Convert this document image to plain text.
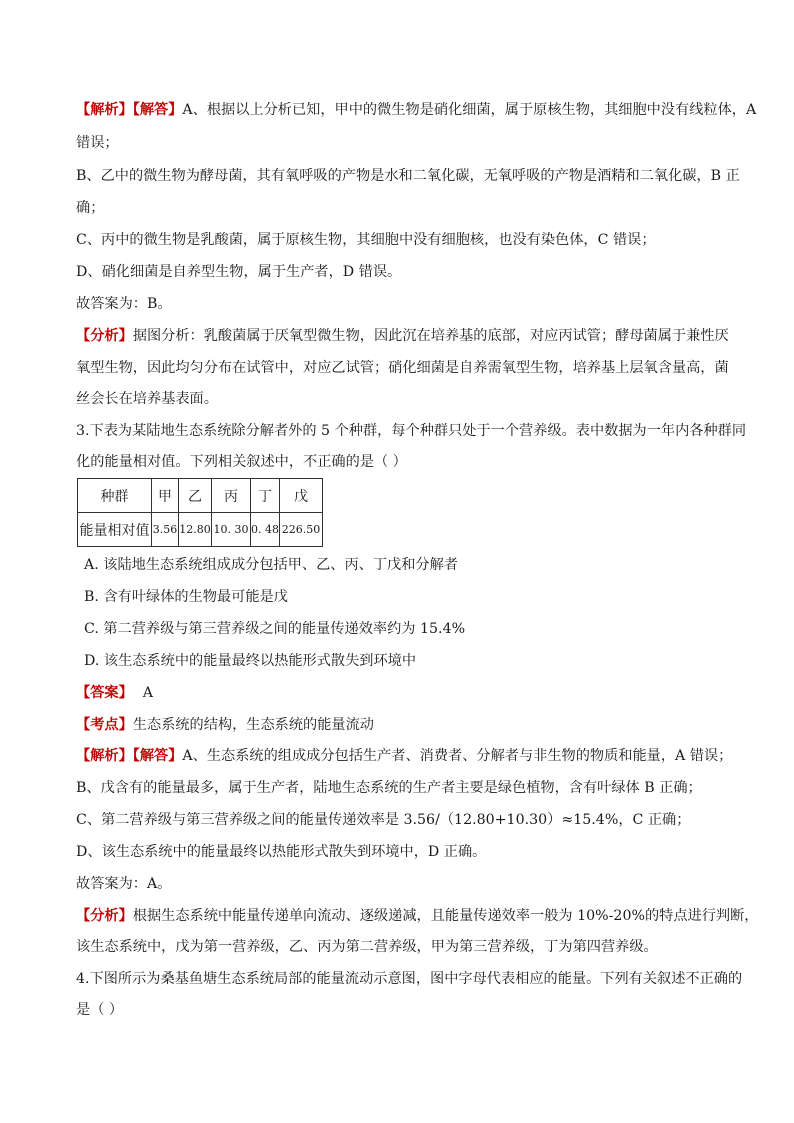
【解析】【解答】A、根据以上分析已知，甲中的微生物是硝化细菌，属于原核生物，其细胞中没有线粒体，A
错误；
B、乙中的微生物为酵母菌，其有氧呼吸的产物是水和二氧化碳，无氧呼吸的产物是酒精和二氧化碳，B 正
确；
C、丙中的微生物是乳酸菌，属于原核生物，其细胞中没有细胞核，也没有染色体，C 错误；
D、硝化细菌是自养型生物，属于生产者，D 错误。
故答案为：B。
【分析】据图分析：乳酸菌属于厌氧型微生物，因此沉在培养基的底部，对应丙试管；酵母菌属于兼性厌
氧型生物，因此均匀分布在试管中，对应乙试管；硝化细菌是自养需氧型生物，培养基上层氧含量高，菌
丝会长在培养基表面。
3.下表为某陆地生态系统除分解者外的 5 个种群，每个种群只处于一个营养级。表中数据为一年内各种群同
化的能量相对值。下列相关叙述中，不正确的是（ ）
种群	甲	乙	丙	丁	戊
能量相对值	3.56	12.80	10. 30	0. 48	226.50
A. 该陆地生态系统组成成分包括甲、乙、丙、丁戊和分解者
B. 含有叶绿体的生物最可能是戊
C. 第二营养级与第三营养级之间的能量传递效率约为 15.4%
D. 该生态系统中的能量最终以热能形式散失到环境中
【答案】 A
【考点】生态系统的结构，生态系统的能量流动
【解析】【解答】A、生态系统的组成成分包括生产者、消费者、分解者与非生物的物质和能量，A 错误；
B、戊含有的能量最多，属于生产者，陆地生态系统的生产者主要是绿色植物，含有叶绿体 B 正确；
C、第二营养级与第三营养级之间的能量传递效率是 3.56/（12.80+10.30）≈15.4%，C 正确；
D、该生态系统中的能量最终以热能形式散失到环境中，D 正确。
故答案为：A。
【分析】根据生态系统中能量传递单向流动、逐级递减，且能量传递效率一般为 10%-20%的特点进行判断，
该生态系统中，戊为第一营养级，乙、丙为第二营养级，甲为第三营养级，丁为第四营养级。
4.下图所示为桑基鱼塘生态系统局部的能量流动示意图，图中字母代表相应的能量。下列有关叙述不正确的
是（ ）
